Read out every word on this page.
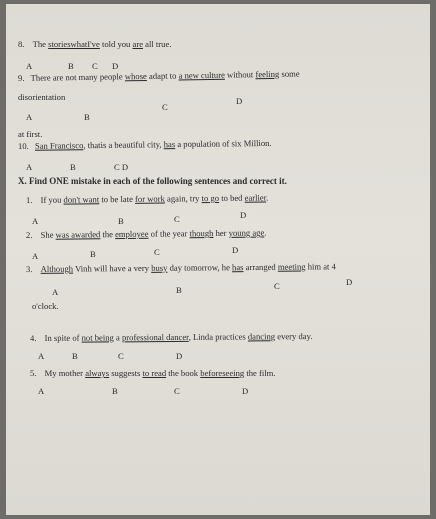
8. The storieswhatI've told you are all true.
A	B C D
9. There are not many people whose adapt to a new culture without feeling some
disorientation
A	B
C
D
at first.
10. San Francisco, thatis a beautiful city, has a population of six Million.
A	B	C D
X. Find ONE mistake in each of the following sentences and correct it.
1. If you don't want to be late for work again, try to go to bed earlier.
A	B	C	D
2. She was awarded the employee of the year though her young age.
A	B	C	D
3. Although Vinh will have a very busy day tomorrow, he has arranged meeting him at 4
A	B	C	D
o'clock.
4. In spite of not being a professional dancer, Linda practices dancing every day.
A	B	C	D
5. My mother always suggests to read the book beforeseeing the film.
A	B	C	D
